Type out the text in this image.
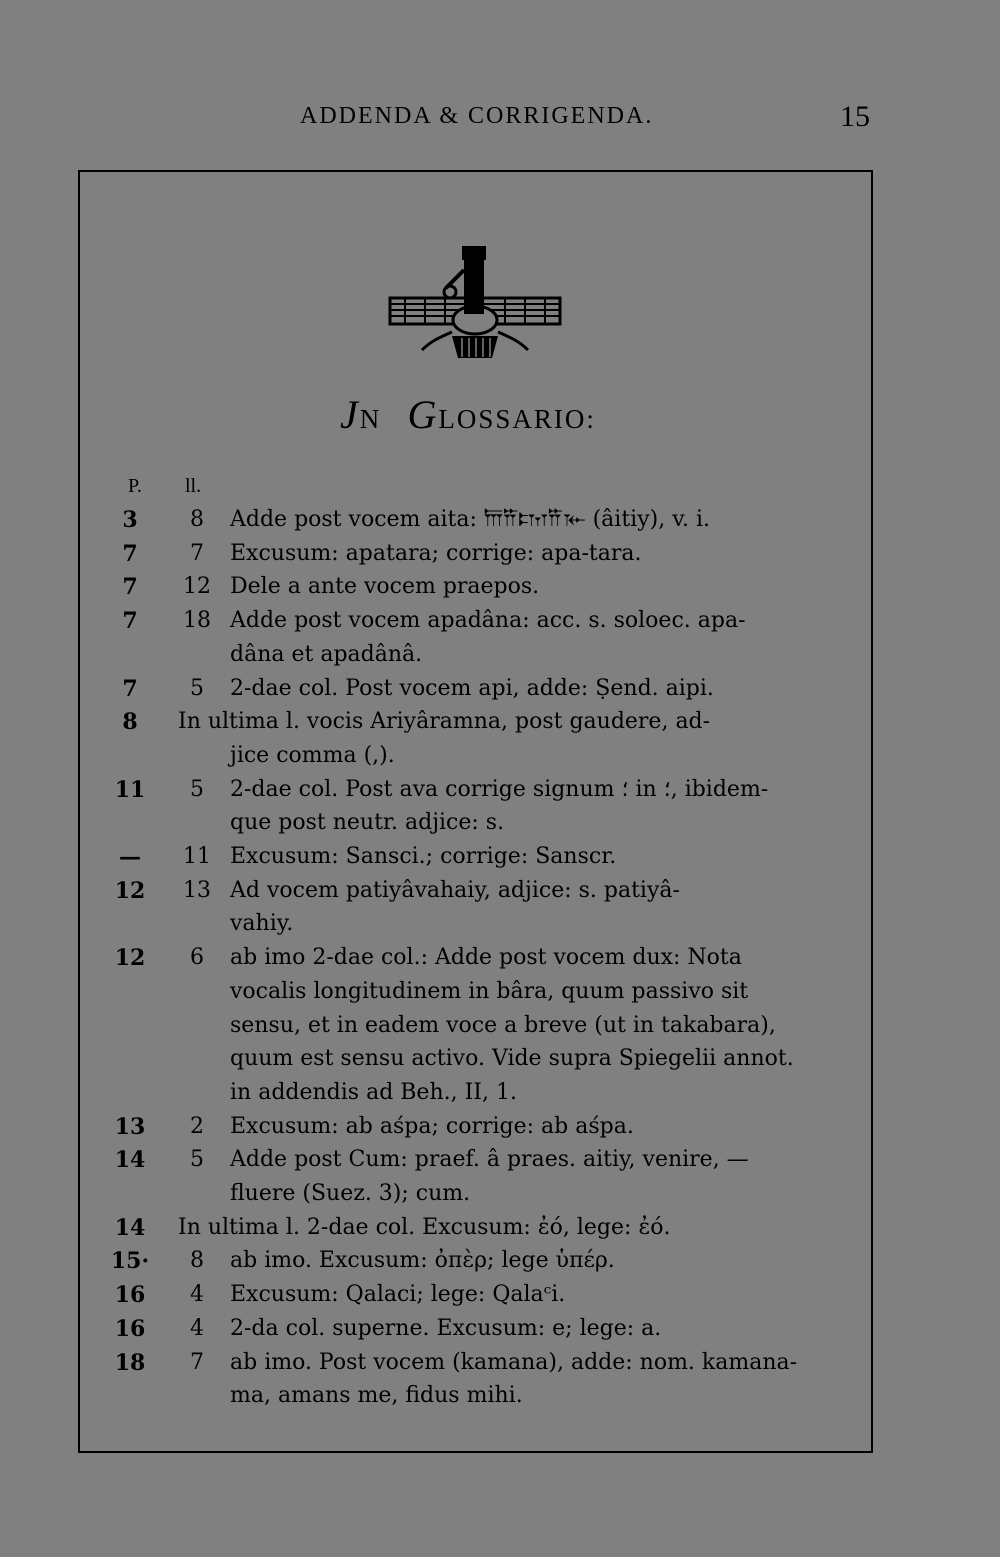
ADDENDA & CORRIGENDA.	15
JN GLOSSARIO:
P. ll.
3	8	Adde post vocem aita: 𐎠𐎡𐎫𐎡𐎹 (âitiy), v. i.
7	7	Excusum: apatara; corrige: apa-tara.
7	12 Dele a ante vocem praepos.
7	18 Adde post vocem apadâna: acc. s. soloec. apa-
dâna et apadânâ.
7	5	2-dae col. Post vocem api, adde: Ṣend. aipi.
8	In ultima l. vocis Ariyâramna, post gaudere, ad-
jice comma (,).
11	5	2-dae col. Post ava corrige signum ؛ in ؛, ibidem-
que post neutr. adjice: s.
—	11 Excusum: Sansci.; corrige: Sanscr.
12	13 Ad vocem patiyâvahaiy, adjice: s. patiyâ-
vahiy.
12	6	ab imo 2-dae col.: Adde post vocem dux: Nota
vocalis longitudinem in bâra, quum passivo sit
sensu, et in eadem voce a breve (ut in takabara),
quum est sensu activo. Vide supra Spiegelii annot.
in addendis ad Beh., II, 1.
13	2	Excusum: ab aśpa; corrige: ab aśpa.
14	5	Adde post Cum: praef. â praes. aitiy, venire, —
fluere (Suez. 3); cum.
14 In ultima l. 2-dae col. Excusum: ἐό, lege: ἐό.
15·	8	ab imo. Excusum: ὀπὲρ; lege ὑπέρ.
16	4	Excusum: Qalaci; lege: Qalaᶜi.
16	4	2-da col. superne. Excusum: e; lege: a.
18	7	ab imo. Post vocem (kamana), adde: nom. kamana-
ma, amans me, fidus mihi.
